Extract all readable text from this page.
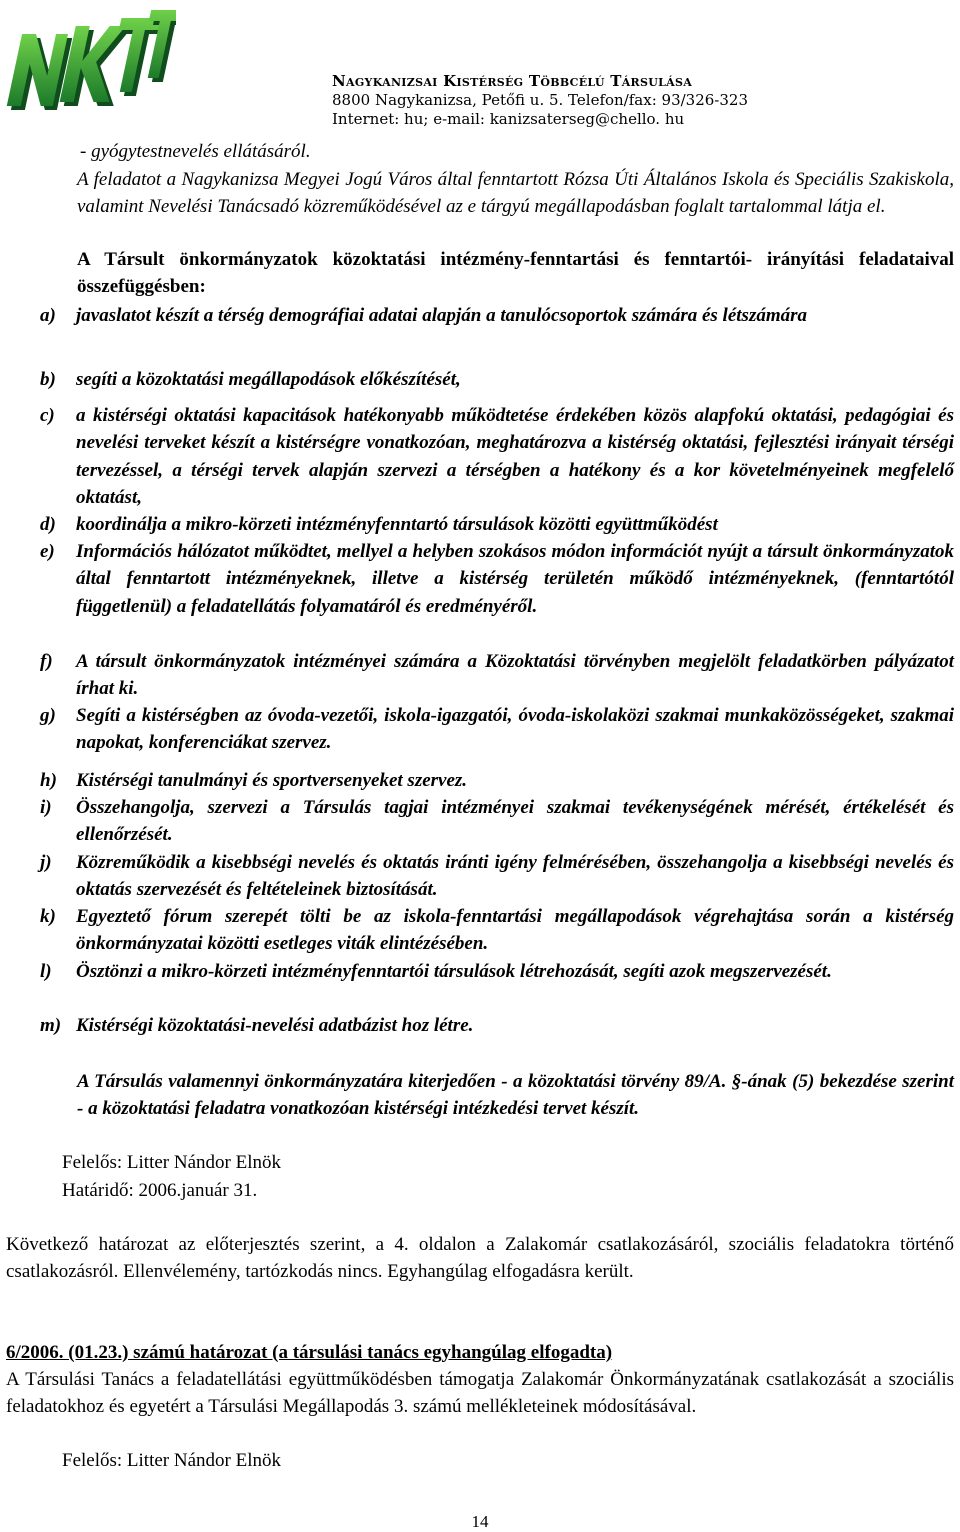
Nagykanizsai Kistérség Többcélú Társulása
8800 Nagykanizsa, Petőfi u. 5. Telefon/fax: 93/326-323
Internet: hu; e-mail: kanizsaterseg@chello. hu
- gyógytestnevelés ellátásáról.
A feladatot a Nagykanizsa Megyei Jogú Város által fenntartott Rózsa Úti Általános Iskola és Speciális Szakiskola, valamint Nevelési Tanácsadó közreműködésével az e tárgyú megállapodásban foglalt tartalommal látja el.
A Társult önkormányzatok közoktatási intézmény-fenntartási és fenntartói- irányítási feladataival összefüggésben:
a)	javaslatot készít a térség demográfiai adatai alapján a tanulócsoportok számára és létszámára
b)	segíti a közoktatási megállapodások előkészítését,
c)	a kistérségi oktatási kapacitások hatékonyabb működtetése érdekében közös alapfokú oktatási, pedagógiai és nevelési terveket készít a kistérségre vonatkozóan, meghatározva a kistérség oktatási, fejlesztési irányait térségi tervezéssel, a térségi tervek alapján szervezi a térségben a hatékony és a kor követelményeinek megfelelő oktatást,
d)	koordinálja a mikro-körzeti intézményfenntartó társulások közötti együttműködést
e)	Információs hálózatot működtet, mellyel a helyben szokásos módon információt nyújt a társult önkormányzatok által fenntartott intézményeknek, illetve a kistérség területén működő intézményeknek, (fenntartótól függetlenül) a feladatellátás folyamatáról és eredményéről.
f)	A társult önkormányzatok intézményei számára a Közoktatási törvényben megjelölt feladatkörben pályázatot írhat ki.
g)	Segíti a kistérségben az óvoda-vezetői, iskola-igazgatói, óvoda-iskolaközi szakmai munkaközösségeket, szakmai napokat, konferenciákat szervez.
h)	Kistérségi tanulmányi és sportversenyeket szervez.
i)	Összehangolja, szervezi a Társulás tagjai intézményei szakmai tevékenységének mérését, értékelését és ellenőrzését.
j)	Közreműködik a kisebbségi nevelés és oktatás iránti igény felmérésében, összehangolja a kisebbségi nevelés és oktatás szervezését és feltételeinek biztosítását.
k)	Egyeztető fórum szerepét tölti be az iskola-fenntartási megállapodások végrehajtása során a kistérség önkormányzatai közötti esetleges viták elintézésében.
l)	Ösztönzi a mikro-körzeti intézményfenntartói társulások létrehozását, segíti azok megszervezését.
m) Kistérségi közoktatási-nevelési adatbázist hoz létre.
A Társulás valamennyi önkormányzatára kiterjedően - a közoktatási törvény 89/A. §-ának (5) bekezdése szerint - a közoktatási feladatra vonatkozóan kistérségi intézkedési tervet készít.
Felelős: Litter Nándor Elnök
Határidő: 2006.január 31.
Következő határozat az előterjesztés szerint, a 4. oldalon a Zalakomár csatlakozásáról, szociális feladatokra történő csatlakozásról. Ellenvélemény, tartózkodás nincs. Egyhangúlag elfogadásra került.
6/2006. (01.23.) számú határozat (a társulási tanács egyhangúlag elfogadta)
A Társulási Tanács a feladatellátási együttműködésben támogatja Zalakomár Önkormányzatának csatlakozását a szociális feladatokhoz és egyetért a Társulási Megállapodás 3. számú mellékleteinek módosításával.
Felelős: Litter Nándor Elnök
14
